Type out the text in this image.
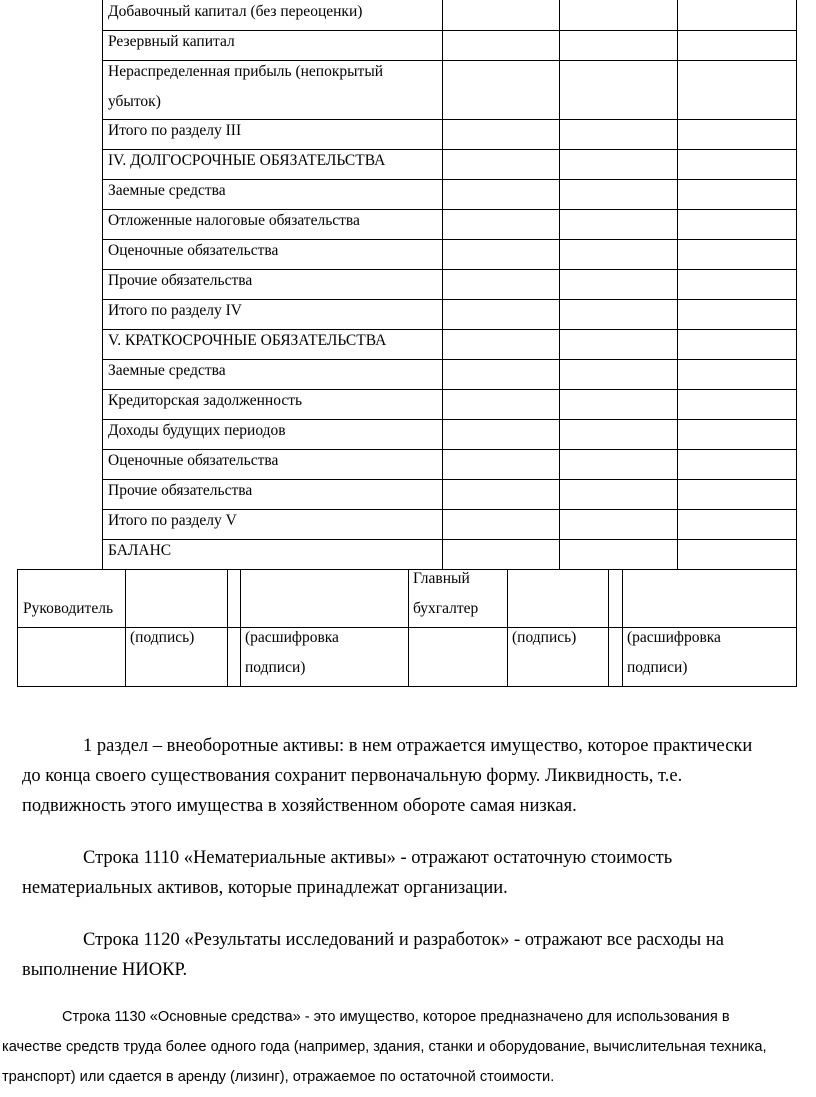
Добавочный капитал (без переоценки)
Резервный капитал
Нераспределенная прибыль (непокрытый
убыток)
Итого по разделу III
IV. ДОЛГОСРОЧНЫЕ ОБЯЗАТЕЛЬСТВА
Заемные средства
Отложенные налоговые обязательства
Оценочные обязательства
Прочие обязательства
Итого по разделу IV
V. КРАТКОСРОЧНЫЕ ОБЯЗАТЕЛЬСТВА
Заемные средства
Кредиторская задолженность
Доходы будущих периодов
Оценочные обязательства
Прочие обязательства
Итого по разделу V
БАЛАНС
Руководитель
Главный
бухгалтер
(подпись)	(расшифровка
подписи)
(подпись)	(расшифровка
подписи)
1 раздел – внеоборотные активы: в нем отражается имущество, которое практически
до конца своего существования сохранит первоначальную форму. Ликвидность, т.е.
подвижность этого имущества в хозяйственном обороте самая низкая.
Строка 1110 «Нематериальные активы» - отражают остаточную стоимость
нематериальных активов, которые принадлежат организации.
Строка 1120 «Результаты исследований и разработок» - отражают все расходы на
выполнение НИОКР.
Строка 1130 «Основные средства» - это имущество, которое предназначено для использования в
качестве средств труда более одного года (например, здания, станки и оборудование, вычислительная техника,
транспорт) или сдается в аренду (лизинг), отражаемое по остаточной стоимости.
